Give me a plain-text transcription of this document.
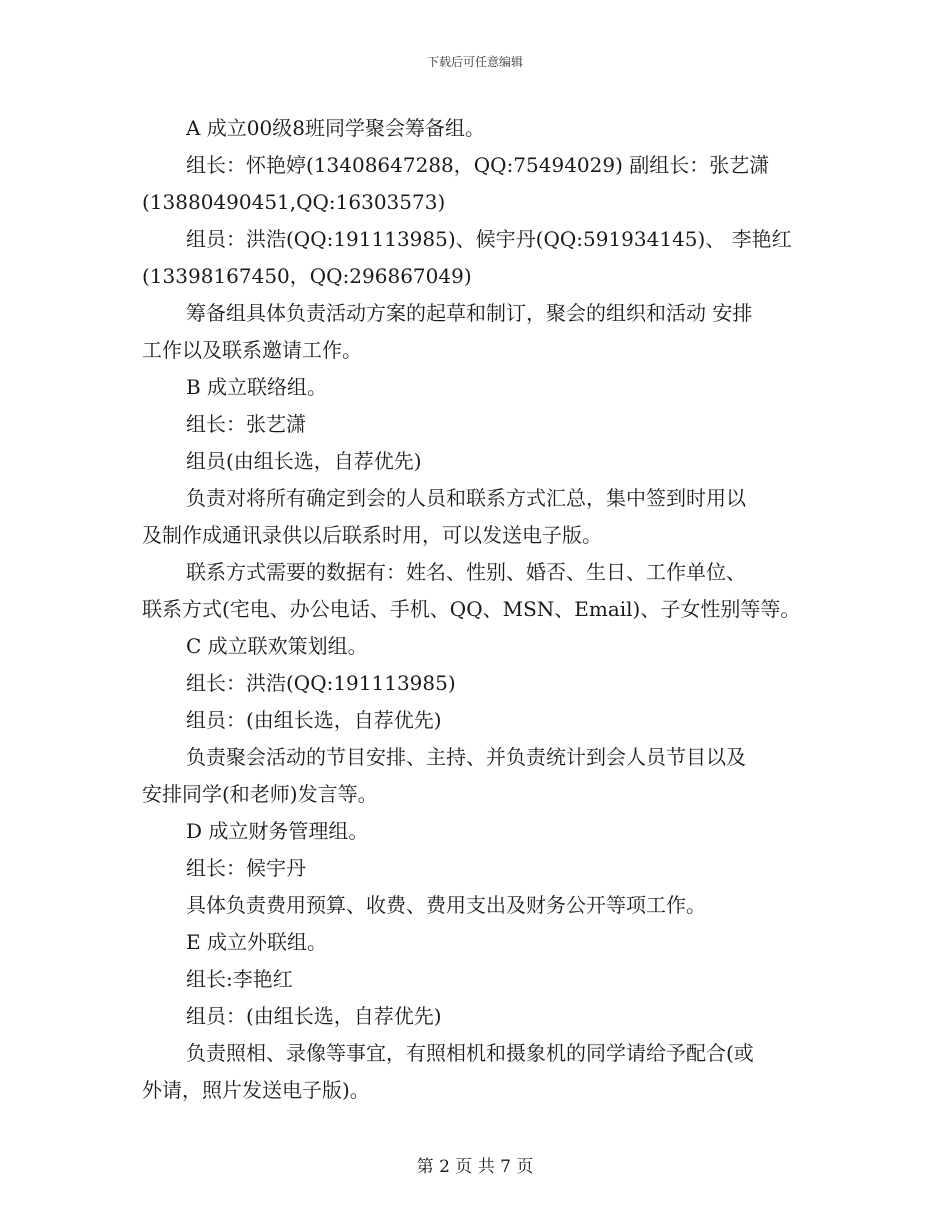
下载后可任意编辑
A 成立00级8班同学聚会筹备组。
组长：怀艳婷(13408647288，QQ:75494029) 副组长：张艺潇
(13880490451,QQ:16303573)
组员：洪浩(QQ:191113985)、候宇丹(QQ:591934145)、 李艳红
(13398167450，QQ:296867049)
筹备组具体负责活动方案的起草和制订，聚会的组织和活动 安排
工作以及联系邀请工作。
B 成立联络组。
组长：张艺潇
组员(由组长选，自荐优先)
负责对将所有确定到会的人员和联系方式汇总，集中签到时用以
及制作成通讯录供以后联系时用，可以发送电子版。
联系方式需要的数据有：姓名、性别、婚否、生日、工作单位、
联系方式(宅电、办公电话、手机、QQ、MSN、Email)、子女性别等等。
C 成立联欢策划组。
组长：洪浩(QQ:191113985)
组员：(由组长选，自荐优先)
负责聚会活动的节目安排、主持、并负责统计到会人员节目以及
安排同学(和老师)发言等。
D 成立财务管理组。
组长：候宇丹
具体负责费用预算、收费、费用支出及财务公开等项工作。
E 成立外联组。
组长:李艳红
组员：(由组长选，自荐优先)
负责照相、录像等事宜，有照相机和摄象机的同学请给予配合(或
外请，照片发送电子版)。
第 2 页 共 7 页
